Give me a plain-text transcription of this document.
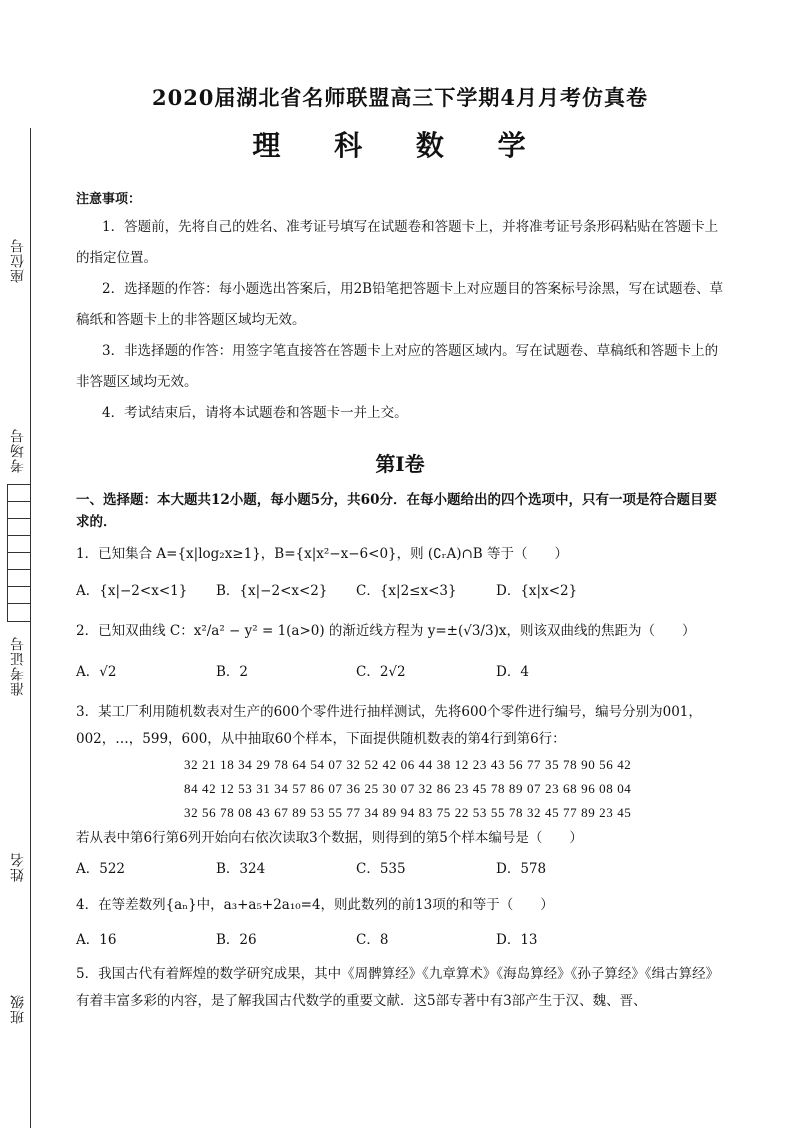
座位号
考场号
准考证号
姓名
班级
2020届湖北省名师联盟高三下学期4月月考仿真卷
理 科 数 学
注意事项：

1．答题前，先将自己的姓名、准考证号填写在试题卷和答题卡上，并将准考证号条形码粘贴在答题卡上的指定位置。

2．选择题的作答：每小题选出答案后，用2B铅笔把答题卡上对应题目的答案标号涂黑，写在试题卷、草稿纸和答题卡上的非答题区域均无效。

3．非选择题的作答：用签字笔直接答在答题卡上对应的答题区域内。写在试题卷、草稿纸和答题卡上的非答题区域均无效。

4．考试结束后，请将本试题卷和答题卡一并上交。

第Ⅰ卷
一、选择题：本大题共12小题，每小题5分，共60分．在每小题给出的四个选项中，只有一项是符合题目要求的．
1．已知集合 A={x|log₂x≥1}，B={x|x²−x−6<0}，则 (∁ᵣA)∩B 等于（　　）
A．{x|−2<x<1}	B．{x|−2<x<2}	C．{x|2≤x<3}	D．{x|x<2}
2．已知双曲线 C：x²/a² − y² = 1(a>0) 的渐近线方程为 y=±(√3/3)x，则该双曲线的焦距为（　　）
A．√2	B．2	C．2√2	D．4
3．某工厂利用随机数表对生产的600个零件进行抽样测试，先将600个零件进行编号，编号分别为001，002，…，599，600，从中抽取60个样本，下面提供随机数表的第4行到第6行：
32 21 18 34 29 78 64 54 07 32 52 42 06 44 38 12 23 43 56 77 35 78 90 56 42
84 42 12 53 31 34 57 86 07 36 25 30 07 32 86 23 45 78 89 07 23 68 96 08 04
32 56 78 08 43 67 89 53 55 77 34 89 94 83 75 22 53 55 78 32 45 77 89 23 45
若从表中第6行第6列开始向右依次读取3个数据，则得到的第5个样本编号是（　　）
A．522	B．324	C．535	D．578
4．在等差数列{aₙ}中，a₃+a₅+2a₁₀=4，则此数列的前13项的和等于（　　）
A．16	B．26	C．8	D．13
5．我国古代有着辉煌的数学研究成果，其中《周髀算经》《九章算术》《海岛算经》《孙子算经》《缉古算经》有着丰富多彩的内容，是了解我国古代数学的重要文献．这5部专著中有3部产生于汉、魏、晋、
